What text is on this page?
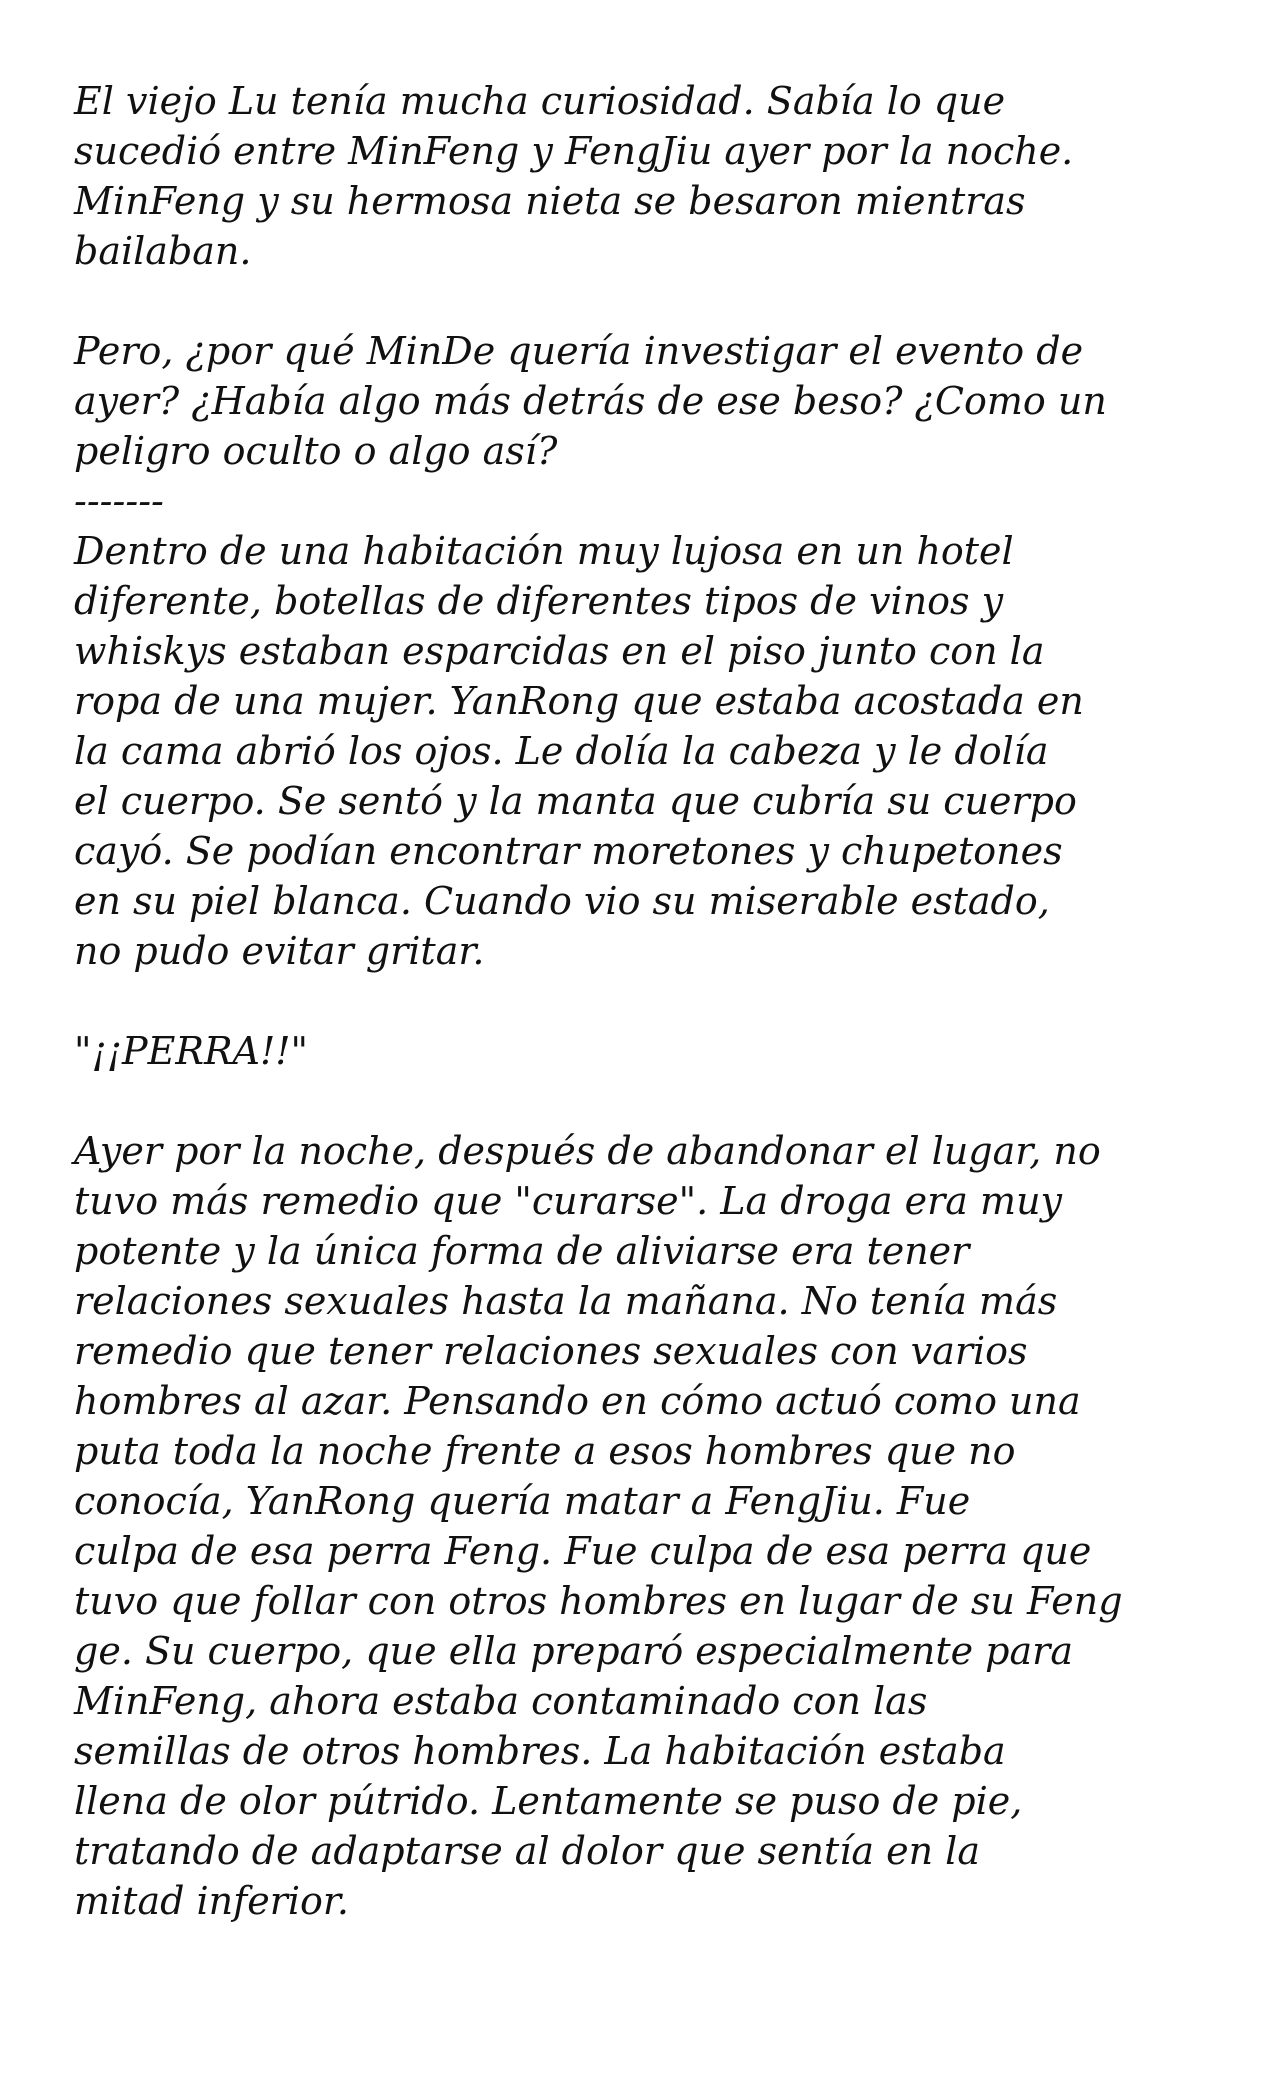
El viejo Lu tenía mucha curiosidad. Sabía lo que
sucedió entre MinFeng y FengJiu ayer por la noche.
MinFeng y su hermosa nieta se besaron mientras
bailaban.
Pero, ¿por qué MinDe quería investigar el evento de
ayer? ¿Había algo más detrás de ese beso? ¿Como un
peligro oculto o algo así?
-------
Dentro de una habitación muy lujosa en un hotel
diferente, botellas de diferentes tipos de vinos y
whiskys estaban esparcidas en el piso junto con la
ropa de una mujer. YanRong que estaba acostada en
la cama abrió los ojos. Le dolía la cabeza y le dolía
el cuerpo. Se sentó y la manta que cubría su cuerpo
cayó. Se podían encontrar moretones y chupetones
en su piel blanca. Cuando vio su miserable estado,
no pudo evitar gritar.
"¡¡PERRA!!"
Ayer por la noche, después de abandonar el lugar, no
tuvo más remedio que "curarse". La droga era muy
potente y la única forma de aliviarse era tener
relaciones sexuales hasta la mañana. No tenía más
remedio que tener relaciones sexuales con varios
hombres al azar. Pensando en cómo actuó como una
puta toda la noche frente a esos hombres que no
conocía, YanRong quería matar a FengJiu. Fue
culpa de esa perra Feng. Fue culpa de esa perra que
tuvo que follar con otros hombres en lugar de su Feng
ge. Su cuerpo, que ella preparó especialmente para
MinFeng, ahora estaba contaminado con las
semillas de otros hombres. La habitación estaba
llena de olor pútrido. Lentamente se puso de pie,
tratando de adaptarse al dolor que sentía en la
mitad inferior.
